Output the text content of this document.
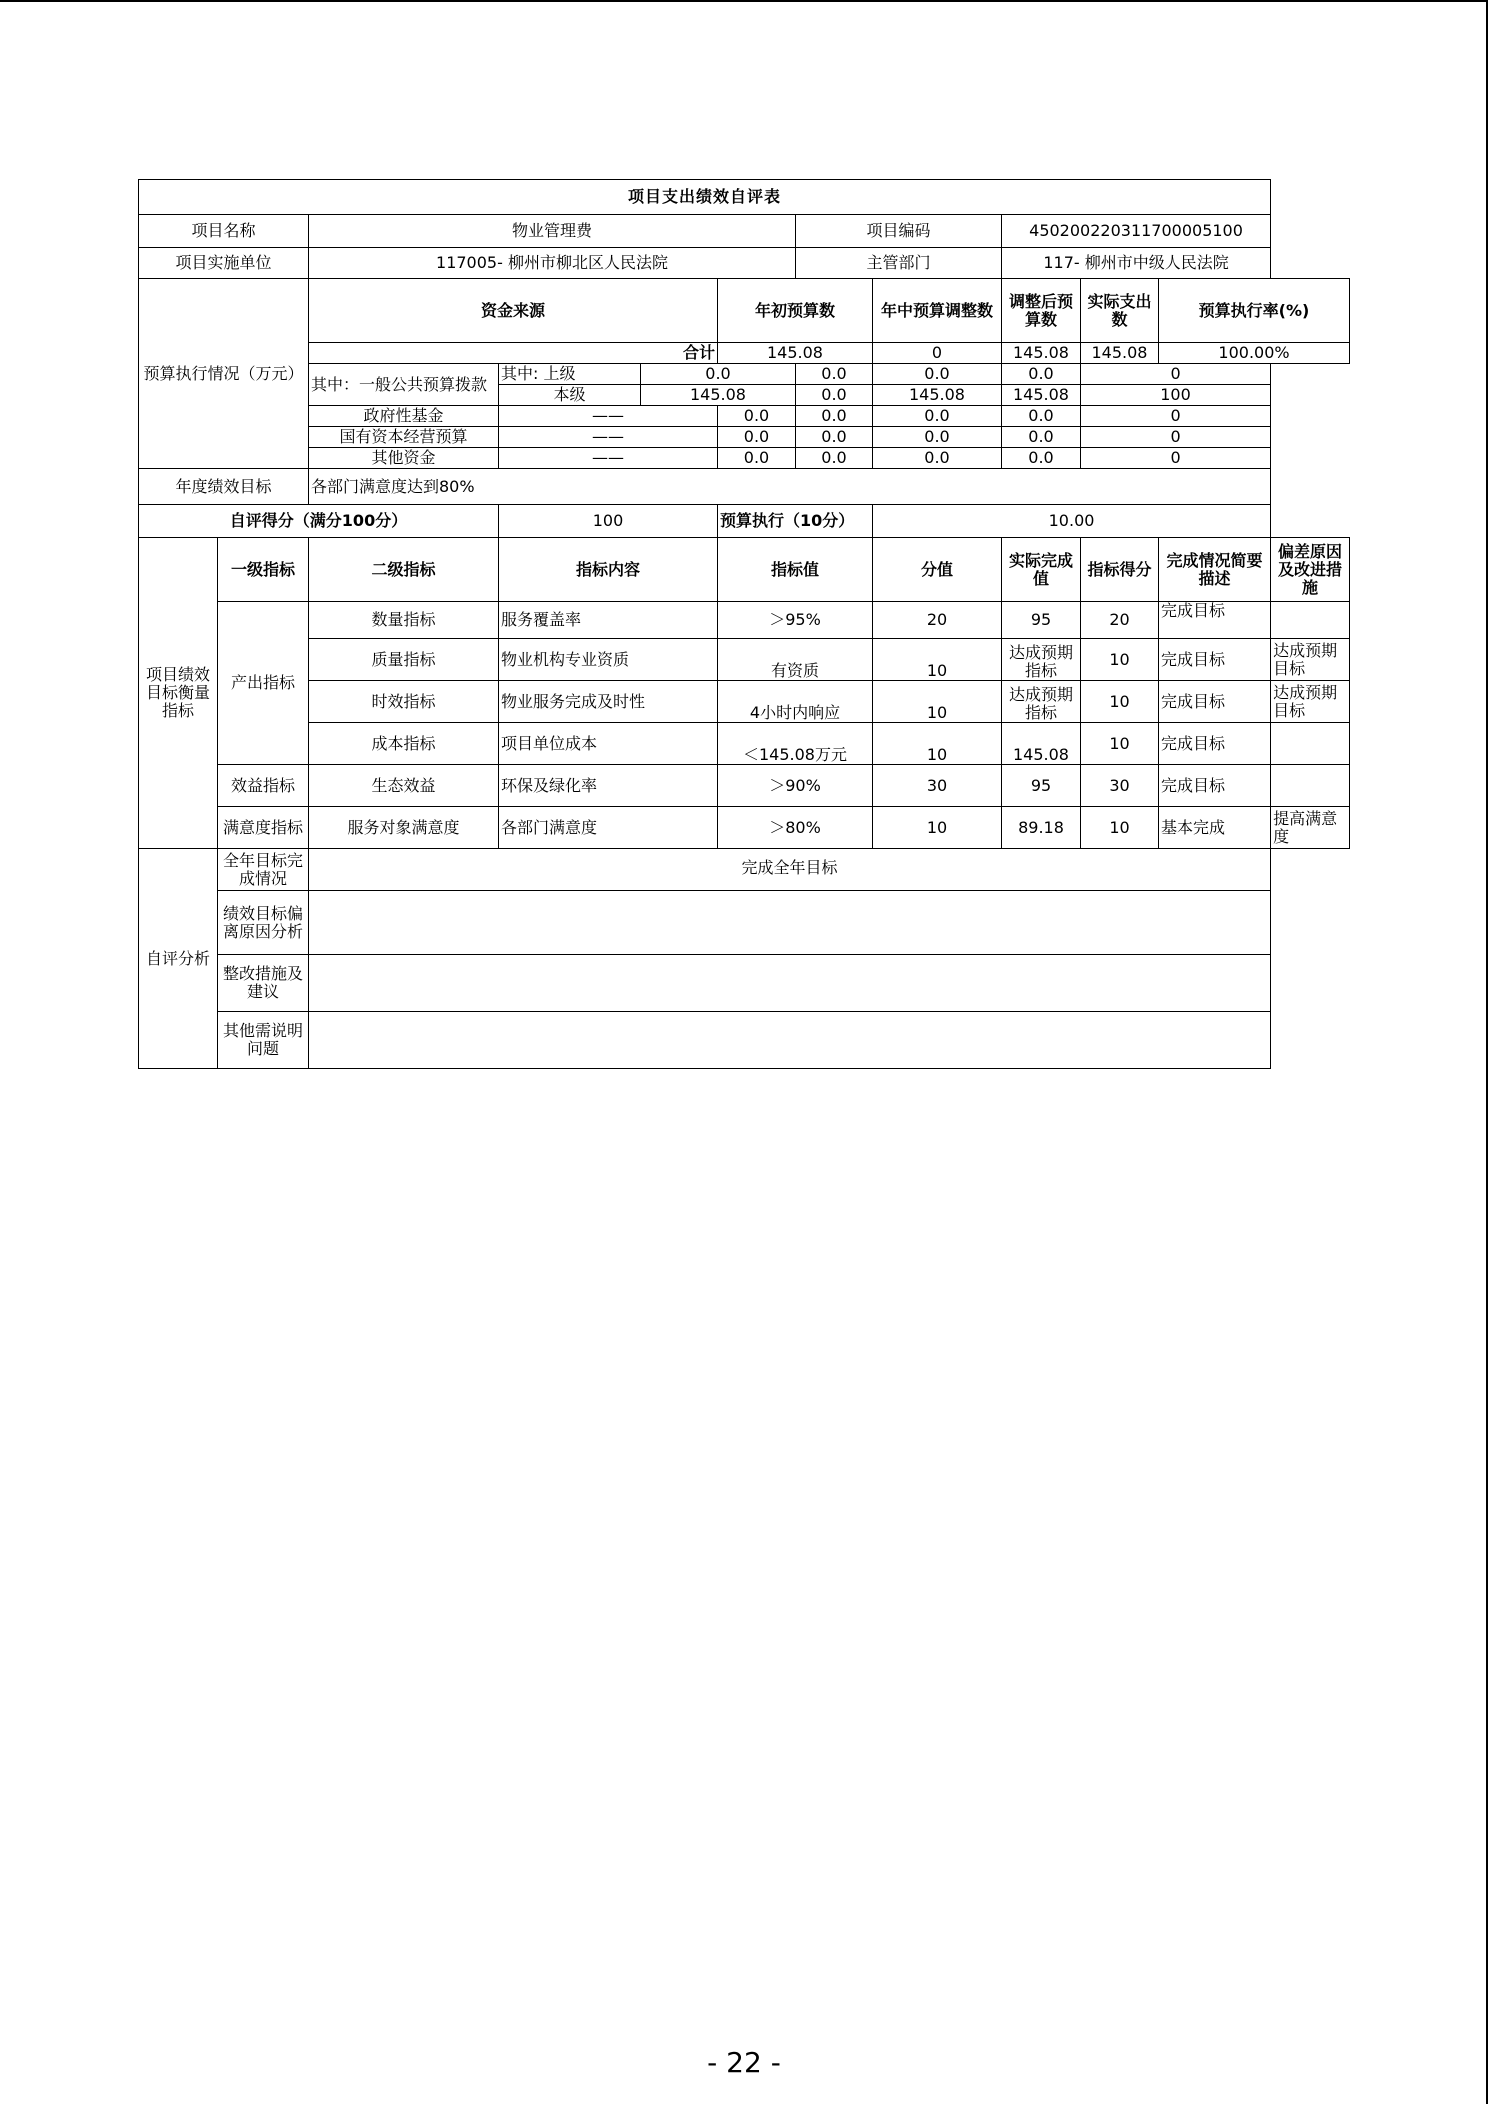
项目支出绩效自评表											
项目名称		物业管理费				项目编码		450200220311700005100			
项目实施单位		117005- 柳州市柳北区人民法院				主管部门		117- 柳州市中级人民法院			
预算执行情况（万元）		资金来源			年初预算数		年中预算调整数	调整后预算数	实际支出数	预算执行率(%)	
		合计			145.08		0	145.08	145.08	100.00%	
		其中：一般公共预算拨款	其中: 上级	0.0		0.0	0.0	0.0	0		
			本级	145.08		0.0	145.08	145.08	100		
		政府性基金	——		0.0	0.0	0.0	0.0	0		
		国有资本经营预算	——		0.0	0.0	0.0	0.0	0		
		其他资金	——		0.0	0.0	0.0	0.0	0		
年度绩效目标		各部门满意度达到80%									
自评得分（满分100分）			100		预算执行（10分）		10.00				
项目绩效目标衡量指标	一级指标	二级指标	指标内容		指标值		分值	实际完成值	指标得分	完成情况简要描述	偏差原因及改进措施
	产出指标	数量指标	服务覆盖率		＞95%		20	95	20	完成目标	
		质量指标	物业机构专业资质		有资质		10	达成预期指标	10	完成目标	达成预期目标
		时效指标	物业服务完成及时性		4小时内响应		10	达成预期指标	10	完成目标	达成预期目标
		成本指标	项目单位成本		＜145.08万元		10	145.08	10	完成目标	
	效益指标	生态效益	环保及绿化率		＞90%		30	95	30	完成目标	
	满意度指标	服务对象满意度	各部门满意度		＞80%		10	89.18	10	基本完成	提高满意度
自评分析	全年目标完成情况	完成全年目标									
	绩效目标偏离原因分析										
	整改措施及建议										
	其他需说明问题										
- 22 -
